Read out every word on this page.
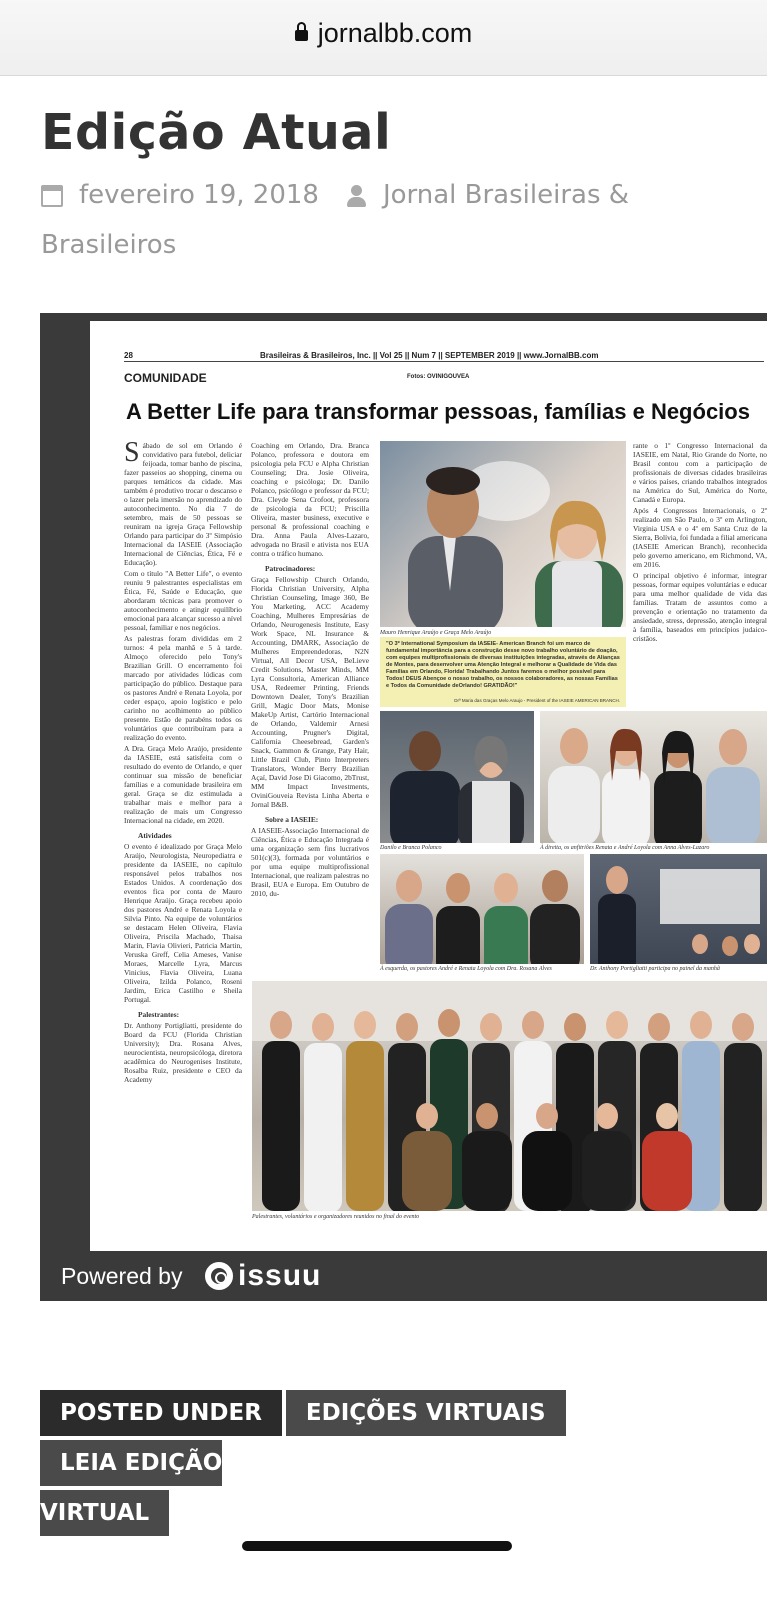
jornalbb.com
Edição Atual
fevereiro 19, 2018 Jornal Brasileiras & Brasileiros
28	Brasileiras & Brasileiros, Inc. || Vol 25 || Num 7 || SEPTEMBER 2019 || www.JornalBB.com

COMUNIDADE	Fotos: OVINIGOUVEA
A Better Life para transformar pessoas, famílias e Negócios

Sábado de sol em Orlando é convidativo para futebol, deliciar feijoada, tomar banho de piscina, fazer passeios ao shopping, cinema ou parques temáticos da cidade. Mas também é produtivo trocar o descanso e o lazer pela imersão no aprendizado do autoconhecimento. No dia 7 de setembro, mais de 50 pessoas se reuniram na igreja Graça Fellowship Orlando para participar do 3º Simpósio Internacional da IASEIE (Associação Internacional de Ciências, Ética, Fé e Educação).

Com o título "A Better Life", o evento reuniu 9 palestrantes especialistas em Ética, Fé, Saúde e Educação, que abordaram técnicas para promover o autoconhecimento e atingir equilíbrio emocional para alcançar sucesso a nível pessoal, familiar e nos negócios.

As palestras foram divididas em 2 turnos: 4 pela manhã e 5 à tarde. Almoço oferecido pelo Tony's Brazilian Grill. O encerramento foi marcado por atividades lúdicas com participação do público. Destaque para os pastores André e Renata Loyola, por ceder espaço, apoio logístico e pelo carinho no acolhimento ao público presente. Estão de parabéns todos os voluntários que contribuíram para a realização do evento.

A Dra. Graça Melo Araújo, presidente da IASEIE, está satisfeita com o resultado do evento de Orlando, e quer continuar sua missão de beneficiar famílias e a comunidade brasileira em geral. Graça se diz estimulada a trabalhar mais e melhor para a realização de mais um Congresso Internacional na cidade, em 2020.

Atividades

O evento é idealizado por Graça Melo Araújo, Neurologista, Neuropediatra e presidente da IASEIE, no capítulo responsável pelos trabalhos nos Estados Unidos. A coordenação dos eventos fica por conta de Mauro Henrique Araújo. Graça recebeu apoio dos pastores André e Renata Loyola e Silvia Pinto. Na equipe de voluntários se destacam Helen Oliveira, Flavia Oliveira, Priscila Machado, Thaisa Marin, Flavia Olivieri, Patricia Martin, Veruska Greff, Celia Ameses, Vanise Moraes, Marcelle Lyra, Marcus Vinicius, Flavia Oliveira, Luana Oliveira, Izilda Polanco, Roseni Jardim, Erica Castilho e Sheila Portugal.

Palestrantes:

Dr. Anthony Portigliatti, presidente do Board da FCU (Florida Christian University); Dra. Rosana Alves, neurocientista, neuropsicóloga, diretora acadêmica do Neurogenises Institute, Rosalba Ruiz, presidente e CEO da Academy

Coaching em Orlando, Dra. Branca Polanco, professora e doutora em psicologia pela FCU e Alpha Christian Counseling; Dra. Josie Oliveira, coaching e psicóloga; Dr. Danilo Polanco, psicólogo e professor da FCU; Dra. Cleyde Sena Crofoot, professora de psicologia da FCU; Priscilla Oliveira, master business, executive e personal & professional coaching e Dra. Anna Paula Alves-Lazaro, advogada no Brasil e ativista nos EUA contra o tráfico humano.

Patrocinadores:

Graça Fellowship Church Orlando, Florida Christian University, Alpha Christian Counseling, Image 360, Be You Marketing, ACC Academy Coaching, Mulheres Empresárias de Orlando, Neurogenesis Institute, Easy Work Space, NL Insurance & Accounting, DMARK, Associação de Mulheres Empreendedoras, N2N Virtual, All Decor USA, BeLieve Credit Solutions, Master Minds, MM Lyra Consultoria, American Alliance USA, Redeemer Printing, Friends Downtown Dealer, Tony's Brazilian Grill, Magic Door Mats, Monise MakeUp Artist, Cartório Internacional de Orlando, Valdemir Arnesi Accounting, Prugner's Digital, California Cheesebread, Garden's Snack, Gammon & Grange, Paty Hair, Little Brazil Club, Pinto Interpreters Translators, Wonder Berry Brazilian Açaí, David Jose Di Giacomo, 2bTrust, MM Impact Investments, OviniGouveia Revista Linha Aberta e Jornal B&B.

Sobre a IASEIE:

A IASEIE-Associação Internacional de Ciências, Ética e Educação Integrada é uma organização sem fins lucrativos 501(c)(3), formada por voluntários e por uma equipe multiprofissional Internacional, que realizam palestras no Brasil, EUA e Europa. Em Outubro de 2010, du-

rante o 1º Congresso Internacional da IASEIE, em Natal, Rio Grande do Norte, no Brasil contou com a participação de profissionais de diversas cidades brasileiras e vários países, criando trabalhos integrados na América do Sul, América do Norte, Canadá e Europa.

Após 4 Congressos Internacionais, o 2º realizado em São Paulo, o 3º em Arlington, Virginia USA e o 4º em Santa Cruz de la Sierra, Bolívia, foi fundada a filial americana (IASEIE American Branch), reconhecida pelo governo americano, em Richmond, VA, em 2016.

O principal objetivo é informar, integrar pessoas, formar equipes voluntárias e educar para uma melhor qualidade de vida das famílias. Tratam de assuntos como a prevenção e orientação no tratamento da ansiedade, stress, depressão, atenção integral à família, baseados em princípios judaico-cristãos.

Mauro Henrique Araújo e Graça Melo Araújo
"O 3º International Symposium da IASEIE- American Branch foi um marco de fundamental importância para a construção desse novo trabalho voluntário de doação, com equipes multiprofissionais de diversas instituições integradas, através de Alianças de Montes, para desenvolver uma Atenção Integral e melhorar a Qualidade de Vida das Famílias em Orlando, Florida! Trabalhando Juntos faremos o melhor possível para Todos! DEUS Abençoe o nosso trabalho, os nossos colaboradores, as nossas Famílias e Todos da Comunidade deOrlando! GRATIDÃO!"
Drª Maria das Graças Melo Araujo - President of the IASEIE AMERICAN BRANCH.
Danilo e Branca Polanco	À direita, os anfitriões Renata e André Loyola com Anna Alves-Lazaro
À esquerda, os pastores André e Renata Loyola com Dra. Rosana Alves	Dr. Anthony Portigliatti participa no painel da manhã
Palestrantes, voluntários e organizadores reunidos no final do evento
Powered by issuu
POSTED UNDER EDIÇÕES VIRTUAISLEIA EDIÇÃO
VIRTUAL
